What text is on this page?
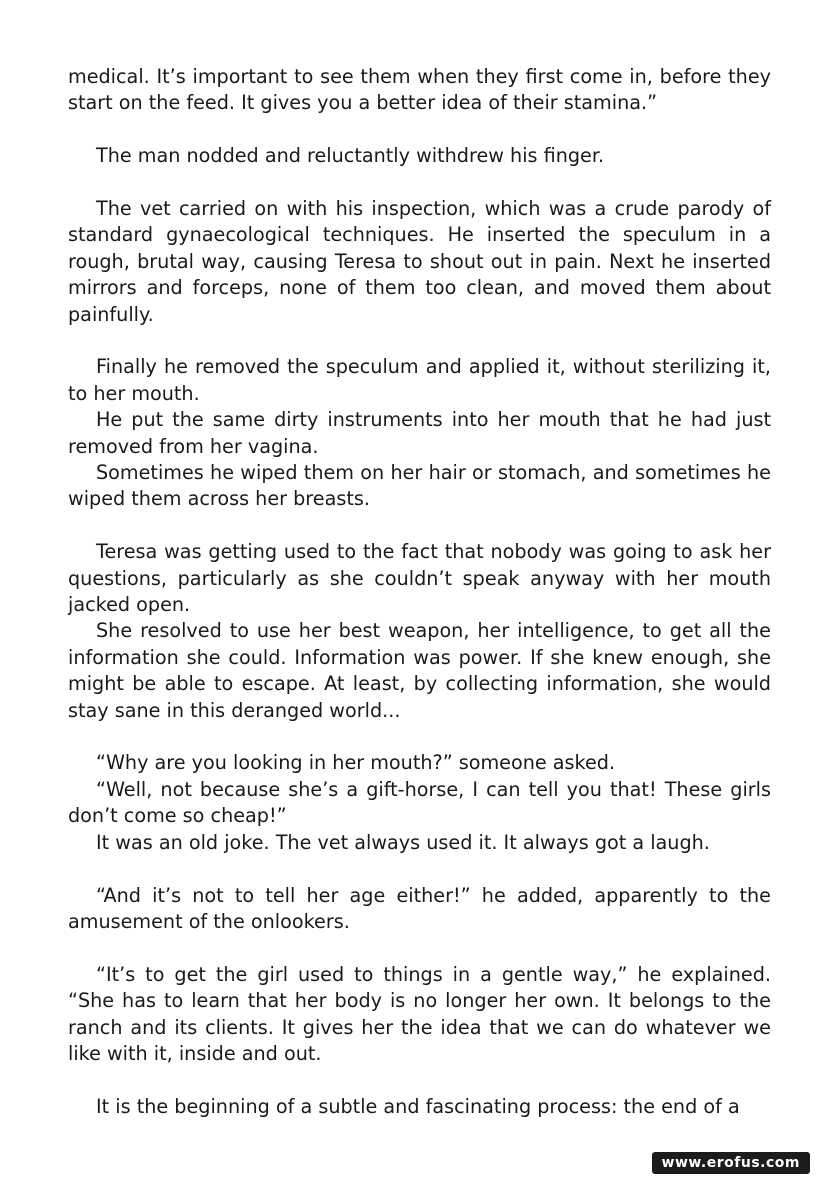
medical. It’s important to see them when they first come in, before they start on the feed. It gives you a better idea of their stamina.”

The man nodded and reluctantly withdrew his finger.

The vet carried on with his inspection, which was a crude parody of standard gynaecological techniques. He inserted the speculum in a rough, brutal way, causing Teresa to shout out in pain. Next he inserted mirrors and forceps, none of them too clean, and moved them about painfully.

Finally he removed the speculum and applied it, without sterilizing it, to her mouth.

He put the same dirty instruments into her mouth that he had just removed from her vagina.

Sometimes he wiped them on her hair or stomach, and sometimes he wiped them across her breasts.

Teresa was getting used to the fact that nobody was going to ask her questions, particularly as she couldn’t speak anyway with her mouth jacked open.

She resolved to use her best weapon, her intelligence, to get all the information she could. Information was power. If she knew enough, she might be able to escape. At least, by collecting information, she would stay sane in this deranged world...

“Why are you looking in her mouth?” someone asked.

“Well, not because she’s a gift-horse, I can tell you that! These girls don’t come so cheap!”

It was an old joke. The vet always used it. It always got a laugh.

“And it’s not to tell her age either!” he added, apparently to the amusement of the onlookers.

“It’s to get the girl used to things in a gentle way,” he explained. “She has to learn that her body is no longer her own. It belongs to the ranch and its clients. It gives her the idea that we can do whatever we like with it, inside and out.

It is the beginning of a subtle and fascinating process: the end of a

www.erofus.com
